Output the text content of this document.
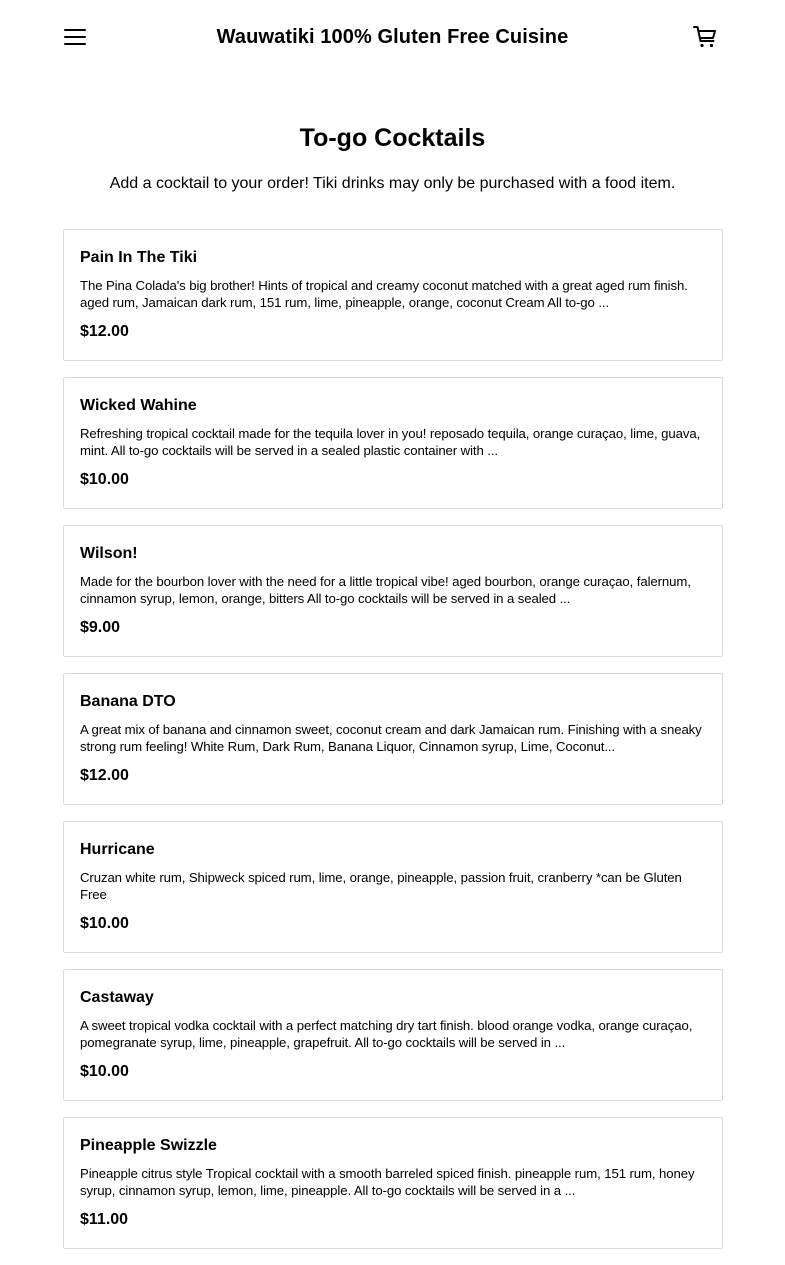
Wauwatiki 100% Gluten Free Cuisine
To-go Cocktails

Add a cocktail to your order! Tiki drinks may only be purchased with a food item.

Pain In The Tiki
The Pina Colada's big brother! Hints of tropical and creamy coconut matched with a great aged rum finish. aged rum, Jamaican dark rum, 151 rum, lime, pineapple, orange, coconut Cream All to-go ...
$12.00
Wicked Wahine
Refreshing tropical cocktail made for the tequila lover in you! reposado tequila, orange curaçao, lime, guava, mint. All to-go cocktails will be served in a sealed plastic container with ...
$10.00
Wilson!
Made for the bourbon lover with the need for a little tropical vibe! aged bourbon, orange curaçao, falernum, cinnamon syrup, lemon, orange, bitters All to-go cocktails will be served in a sealed ...
$9.00
Banana DTO
A great mix of banana and cinnamon sweet, coconut cream and dark Jamaican rum. Finishing with a sneaky strong rum feeling! White Rum, Dark Rum, Banana Liquor, Cinnamon syrup, Lime, Coconut...
$12.00
Hurricane
Cruzan white rum, Shipweck spiced rum, lime, orange, pineapple, passion fruit, cranberry *can be Gluten Free
$10.00
Castaway
A sweet tropical vodka cocktail with a perfect matching dry tart finish. blood orange vodka, orange curaçao, pomegranate syrup, lime, pineapple, grapefruit. All to-go cocktails will be served in ...
$10.00
Pineapple Swizzle
Pineapple citrus style Tropical cocktail with a smooth barreled spiced finish. pineapple rum, 151 rum, honey syrup, cinnamon syrup, lemon, lime, pineapple. All to-go cocktails will be served in a ...
$11.00
